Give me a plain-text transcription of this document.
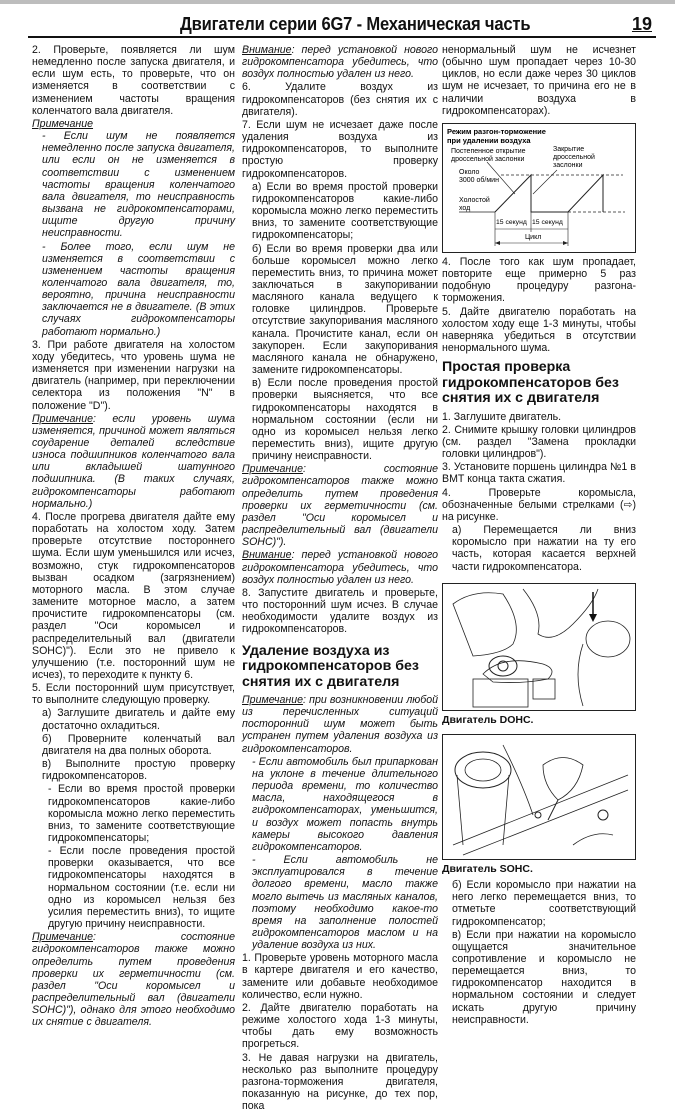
Двигатели серии 6G7 - Механическая часть	19

2. Проверьте, появляется ли шум немедленно после запуска двигателя, и если шум есть, то проверьте, что он изменяется в соответствии с изменением частоты вращения коленчатого вала двигателя.

Примечание

- Если шум не появляется немедленно после запуска двигателя, или если он не изменяется в соответствии с изменением частоты вращения коленчатого вала двигателя, то неисправность вызвана не гидрокомпенсаторами, ищите другую причину неисправности.

- Более того, если шум не изменяется в соответствии с изменением частоты вращения коленчатого вала двигателя, то, вероятно, причина неисправности заключается не в двигателе. (В этих случаях гидрокомпенсаторы работают нормально.)

3. При работе двигателя на холостом ходу убедитесь, что уровень шума не изменяется при изменении нагрузки на двигатель (например, при переключении селектора из положения "N" в положение "D").

Примечание: если уровень шума изменяется, причиной может являться соударение деталей вследствие износа подшипников коленчатого вала или вкладышей шатунного подшипника. (В таких случаях, гидрокомпенсаторы работают нормально.)

4. После прогрева двигателя дайте ему поработать на холостом ходу. Затем проверьте отсутствие постороннего шума. Если шум уменьшился или исчез, возможно, стук гидрокомпенсаторов вызван осадком (загрязнением) моторного масла. В этом случае замените моторное масло, а затем прочистите гидрокомпенсаторы (см. раздел "Оси коромысел и распределительный вал (двигатели SOHC)"). Если это не привело к улучшению (т.е. посторонний шум не исчез), то переходите к пункту 6.

5. Если посторонний шум присутствует, то выполните следующую проверку.

а) Заглушите двигатель и дайте ему достаточно охладиться.

б) Проверните коленчатый вал двигателя на два полных оборота.

в) Выполните простую проверку гидрокомпенсаторов.

- Если во время простой проверки гидрокомпенсаторов какие-либо коромысла можно легко переместить вниз, то замените соответствующие гидрокомпенсаторы;

- Если после проведения простой проверки оказывается, что все гидрокомпенсаторы находятся в нормальном состоянии (т.е. если ни одно из коромысел нельзя без усилия переместить вниз), то ищите другую причину неисправности.

Примечание: состояние гидрокомпенсаторов также можно определить путем проведения проверки их герметичности (см. раздел "Оси коромысел и распределительный вал (двигатели SOHC)"), однако для этого необходимо их снятие с двигателя.

Внимание: перед установкой нового гидрокомпенсатора убедитесь, что воздух полностью удален из него.

6. Удалите воздух из гидрокомпенсаторов (без снятия их с двигателя).

7. Если шум не исчезает даже после удаления воздуха из гидрокомпенсаторов, то выполните простую проверку гидрокомпенсаторов.

а) Если во время простой проверки гидрокомпенсаторов какие-либо коромысла можно легко переместить вниз, то замените соответствующие гидрокомпенсаторы;

б) Если во время проверки два или больше коромысел можно легко переместить вниз, то причина может заключаться в закупоривании масляного канала ведущего к головке цилиндров. Проверьте отсутствие закупоривания масляного канала. Прочистите канал, если он закупорен. Если закупоривания масляного канала не обнаружено, замените гидрокомпенсаторы.

в) Если после проведения простой проверки выясняется, что все гидрокомпенсаторы находятся в нормальном состоянии (если ни одно из коромысел нельзя легко переместить вниз), ищите другую причину неисправности.

Примечание: состояние гидрокомпенсаторов также можно определить путем проведения проверки их герметичности (см. раздел "Оси коромысел и распределительный вал (двигатели SOHC)").

Внимание: перед установкой нового гидрокомпенсатора убедитесь, что воздух полностью удален из него.

8. Запустите двигатель и проверьте, что посторонний шум исчез. В случае необходимости удалите воздух из гидрокомпенсаторов.

Удаление воздуха из гидрокомпенсаторов без снятия их с двигателя

Примечание: при возникновении любой из перечисленных ситуаций посторонний шум может быть устранен путем удаления воздуха из гидрокомпенсаторов.

- Если автомобиль был припаркован на уклоне в течение длительного периода времени, то количество масла, находящегося в гидрокомпенсаторах, уменьшится, и воздух может попасть внутрь камеры высокого давления гидрокомпенсаторов.

- Если автомобиль не эксплуатировался в течение долгого времени, масло также могло вытечь из масляных каналов, поэтому необходимо какое-то время на заполнение полостей гидрокомпенсаторов маслом и на удаление воздуха из них.

1. Проверьте уровень моторного масла в картере двигателя и его качество, замените или добавьте необходимое количество, если нужно.

2. Дайте двигателю поработать на режиме холостого хода 1-3 минуты, чтобы дать ему возможность прогреться.

3. Не давая нагрузки на двигатель, несколько раз выполните процедуру разгона-торможения двигателя, показанную на рисунке, до тех пор, пока

ненормальный шум не исчезнет (обычно шум пропадает через 10-30 циклов, но если даже через 30 циклов шум не исчезает, то причина его не в наличии воздуха в гидрокомпенсаторах).

Режим разгон-торможение
при удалении воздуха
Постепенное открытие
дроссельной заслонки
Закрытие
дроссельной
заслонки
Около
3000 об/мин
Холостой
ход
15 секунд 15 секунд
Цикл

4. После того как шум пропадает, повторите еще примерно 5 раз подобную процедуру разгона-торможения.

5. Дайте двигателю поработать на холостом ходу еще 1-3 минуты, чтобы наверняка убедиться в отсутствии ненормального шума.

Простая проверка гидрокомпенсаторов без снятия их с двигателя

1. Заглушите двигатель.

2. Снимите крышку головки цилиндров (см. раздел "Замена прокладки головки цилиндров").

3. Установите поршень цилиндра №1 в ВМТ конца такта сжатия.

4. Проверьте коромысла, обозначенные белыми стрелками (⇨) на рисунке.

а) Перемещается ли вниз коромысло при нажатии на ту его часть, которая касается верхней части гидрокомпенсатора.

Двигатель DOHC.
Двигатель SOHC.

б) Если коромысло при нажатии на него легко перемещается вниз, то отметьте соответствующий гидрокомпенсатор;

в) Если при нажатии на коромысло ощущается значительное сопротивление и коромысло не перемещается вниз, то гидрокомпенсатор находится в нормальном состоянии и следует искать другую причину неисправности.
